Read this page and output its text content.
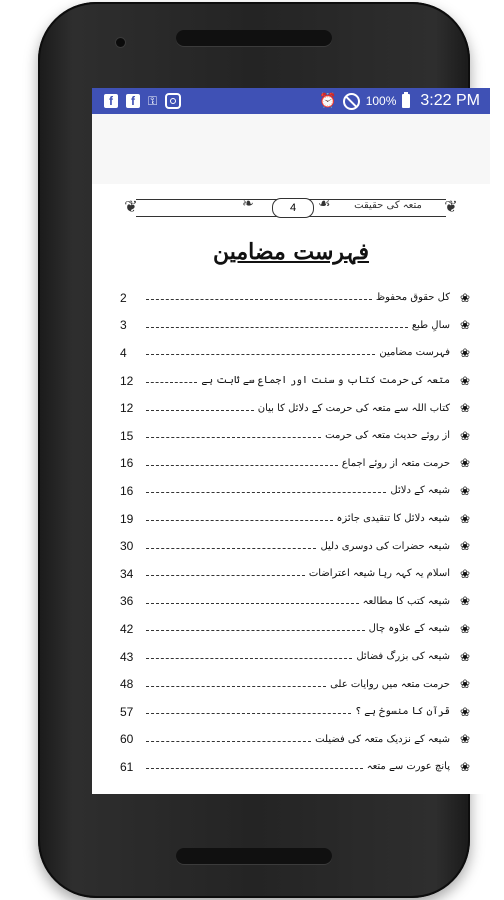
f	f	⚿	⏰ 100% 3:22 PM
❦	❧	4	☙	متعہ کی حقیقت	❦
فہرست مضامین
2	کل حقوق محفوظ ❀
3	سالِ طبع ❀
4	فہرست مضامین ❀
12	متعہ کی حرمت کتاب و سنت اور اجماع سے ثابت ہے ❀
12	کتاب اللہ سے متعہ کی حرمت کے دلائل کا بیان ❀
15	از روئے حدیث متعہ کی حرمت ❀
16	حرمت متعہ از روئے اجماع ❀
16	شیعہ کے دلائل ❀
19	شیعہ دلائل کا تنقیدی جائزہ ❀
30	شیعہ حضرات کی دوسری دلیل ❀
34	اسلام یہ کہہ رہا شیعہ اعتراضات ❀
36	شیعہ کتب کا مطالعہ ❀
42	شیعہ کے علاوہ چال ❀
43	شیعہ کی بزرگ فضائل ❀
48	حرمت متعہ میں روایات علی ❀
57	قرآن کا منسوخ ہے ؟ ❀
60	شیعہ کے نزدیک متعہ کی فضیلت ❀
61	پانچ عورت سے متعہ ❀
